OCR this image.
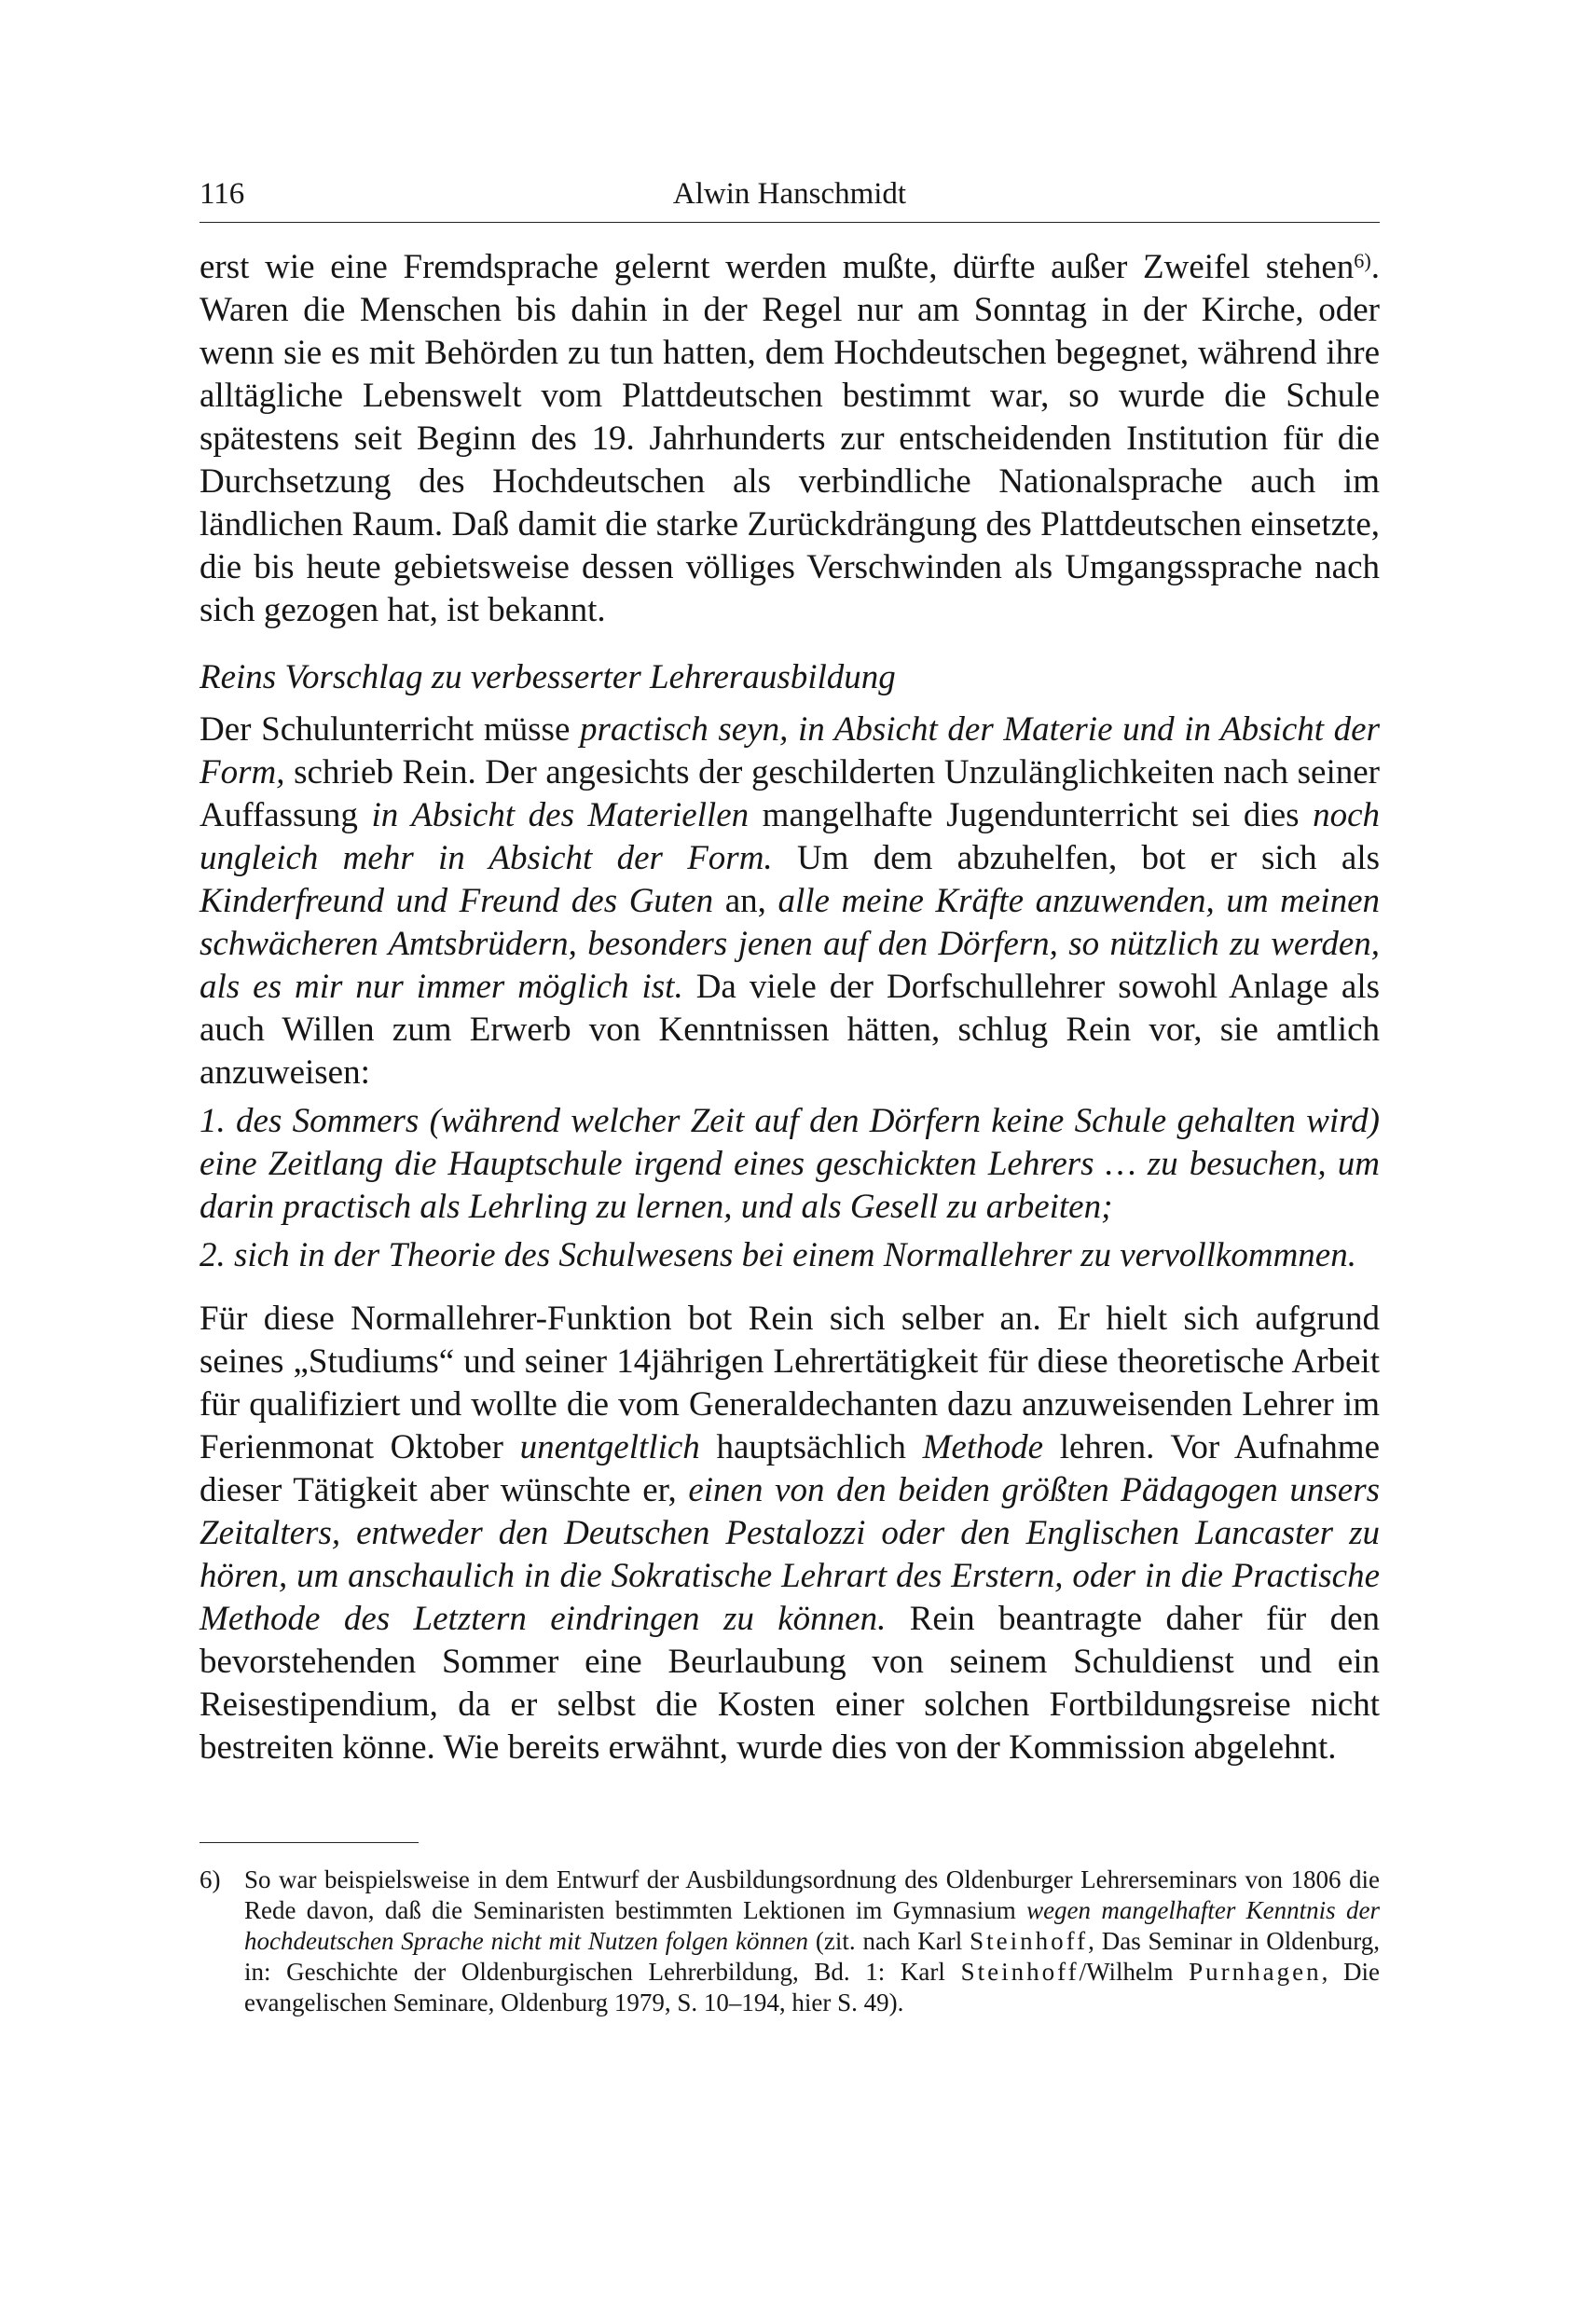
116	Alwin Hanschmidt

erst wie eine Fremdsprache gelernt werden mußte, dürfte außer Zweifel stehen$^{6)}$. Waren die Menschen bis dahin in der Regel nur am Sonntag in der Kirche, oder wenn sie es mit Behörden zu tun hatten, dem Hochdeutschen begegnet, während ihre alltägliche Lebenswelt vom Plattdeutschen bestimmt war, so wurde die Schule spätestens seit Beginn des 19. Jahrhunderts zur entscheidenden Institution für die Durchsetzung des Hochdeutschen als verbindliche Nationalsprache auch im ländlichen Raum. Daß damit die starke Zurückdrängung des Plattdeutschen einsetzte, die bis heute gebietsweise dessen völliges Verschwinden als Umgangssprache nach sich gezogen hat, ist bekannt.

Reins Vorschlag zu verbesserter Lehrerausbildung

Der Schulunterricht müsse practisch seyn, in Absicht der Materie und in Absicht der Form, schrieb Rein. Der angesichts der geschilderten Unzulänglichkeiten nach seiner Auffassung in Absicht des Materiellen mangelhafte Jugendunterricht sei dies noch ungleich mehr in Absicht der Form. Um dem abzuhelfen, bot er sich als Kinderfreund und Freund des Guten an, alle meine Kräfte anzuwenden, um meinen schwächeren Amtsbrüdern, besonders jenen auf den Dörfern, so nützlich zu werden, als es mir nur immer möglich ist. Da viele der Dorfschullehrer sowohl Anlage als auch Willen zum Erwerb von Kenntnissen hätten, schlug Rein vor, sie amtlich anzuweisen:

1. des Sommers (während welcher Zeit auf den Dörfern keine Schule gehalten wird) eine Zeitlang die Hauptschule irgend eines geschickten Lehrers … zu besuchen, um darin practisch als Lehrling zu lernen, und als Gesell zu arbeiten;

2. sich in der Theorie des Schulwesens bei einem Normallehrer zu vervollkommnen.

Für diese Normallehrer-Funktion bot Rein sich selber an. Er hielt sich aufgrund seines „Studiums“ und seiner 14jährigen Lehrertätigkeit für diese theoretische Arbeit für qualifiziert und wollte die vom Generaldechanten dazu anzuweisenden Lehrer im Ferienmonat Oktober unentgeltlich hauptsächlich Methode lehren. Vor Aufnahme dieser Tätigkeit aber wünschte er, einen von den beiden größten Pädagogen unsers Zeitalters, entweder den Deutschen Pestalozzi oder den Englischen Lancaster zu hören, um anschaulich in die Sokratische Lehrart des Erstern, oder in die Practische Methode des Letztern eindringen zu können. Rein beantragte daher für den bevorstehenden Sommer eine Beurlaubung von seinem Schuldienst und ein Reisestipendium, da er selbst die Kosten einer solchen Fortbildungsreise nicht bestreiten könne. Wie bereits erwähnt, wurde dies von der Kommission abgelehnt.

6) So war beispielsweise in dem Entwurf der Ausbildungsordnung des Oldenburger Lehrerseminars von 1806 die Rede davon, daß die Seminaristen bestimmten Lektionen im Gymnasium wegen mangelhafter Kenntnis der hochdeutschen Sprache nicht mit Nutzen folgen können (zit. nach Karl Steinhoff, Das Seminar in Oldenburg, in: Geschichte der Oldenburgischen Lehrerbildung, Bd. 1: Karl Steinhoff/Wilhelm Purnhagen, Die evangelischen Seminare, Oldenburg 1979, S. 10–194, hier S. 49).
